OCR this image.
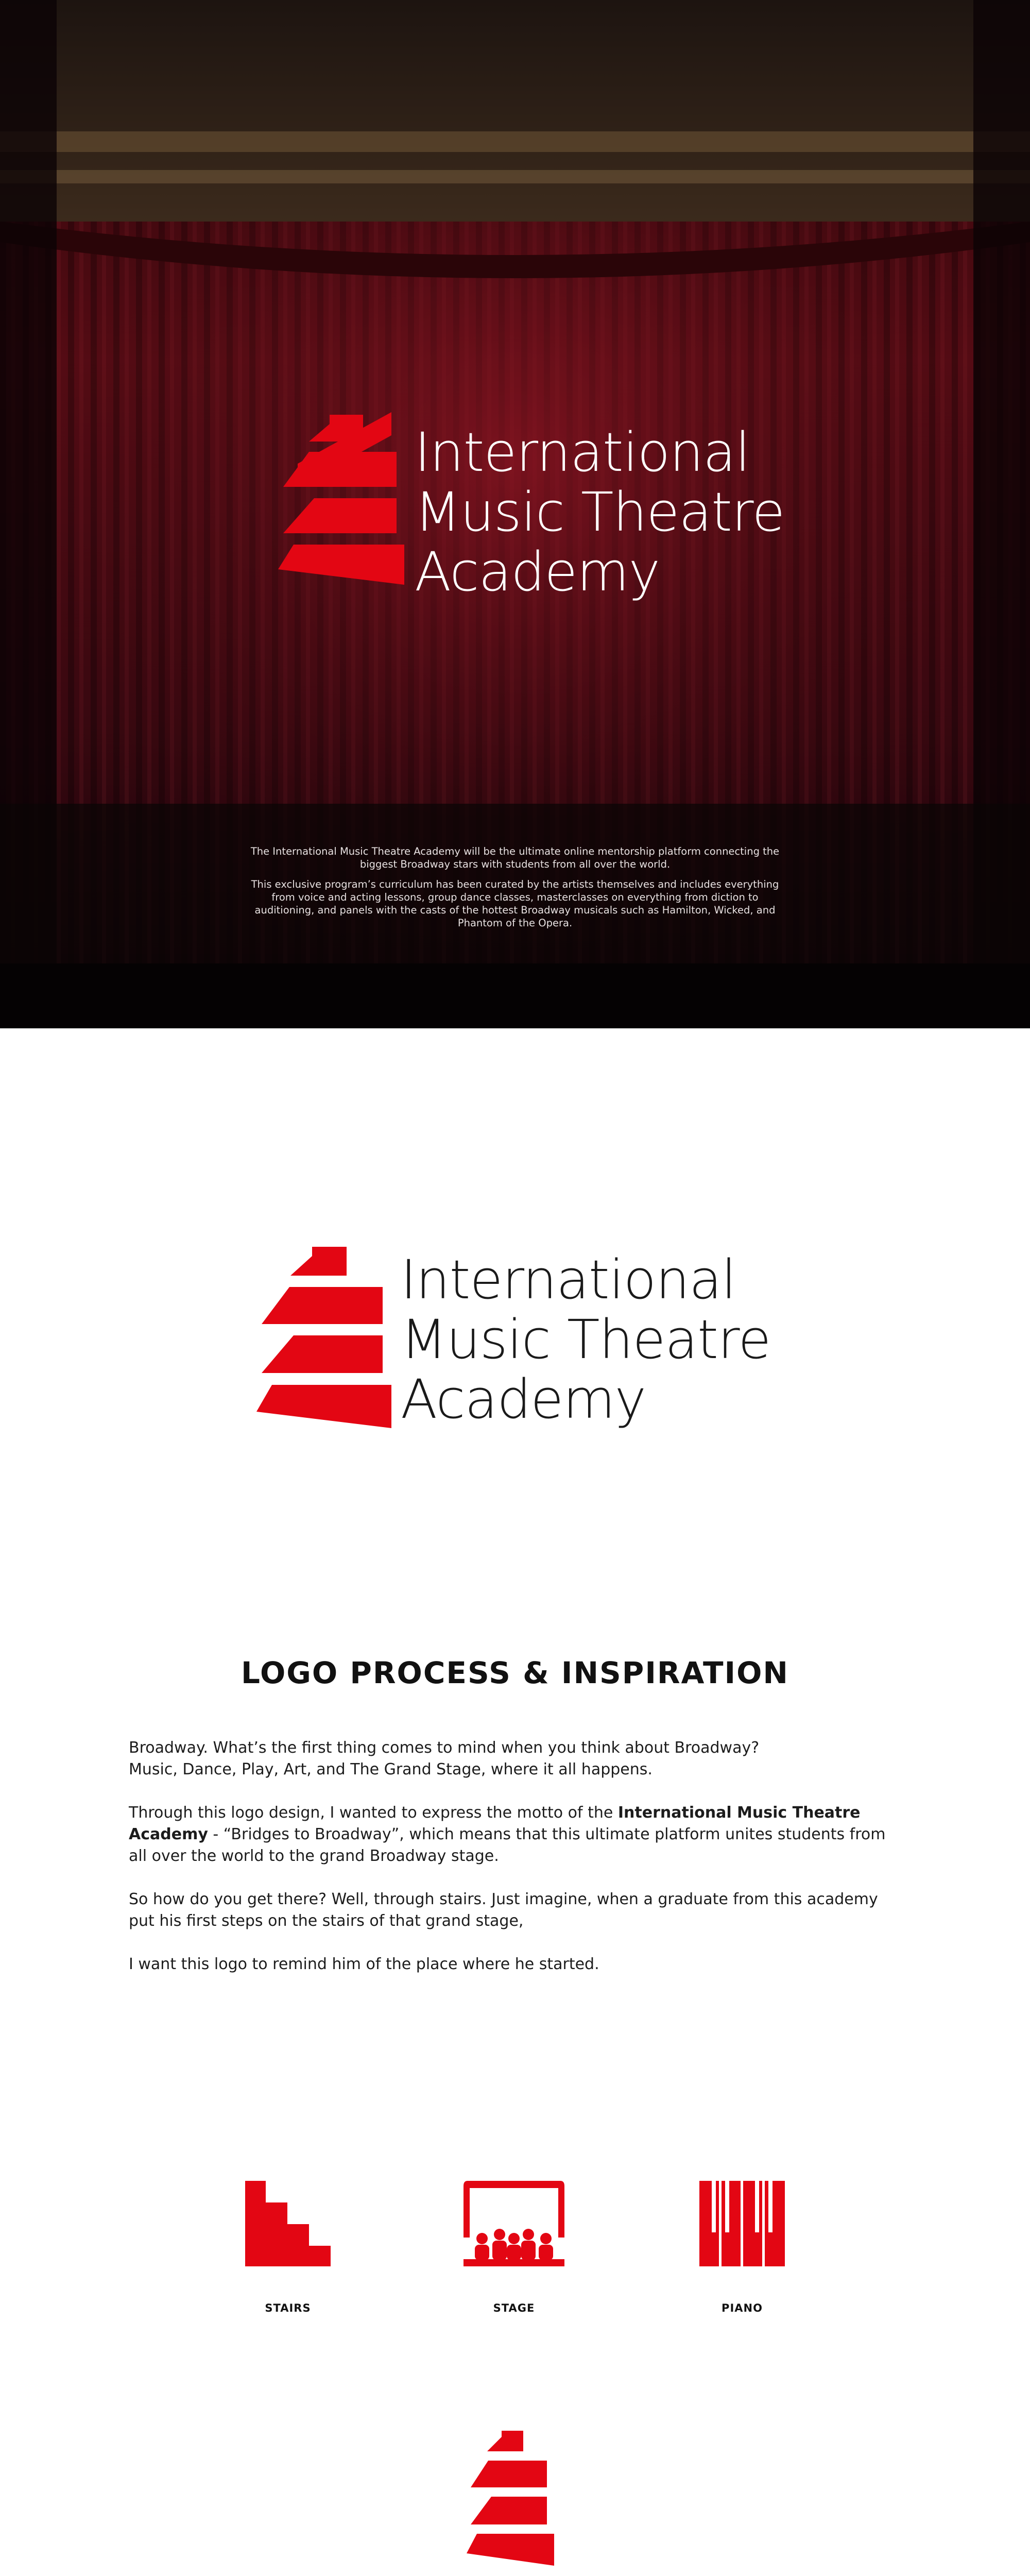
International
Music Theatre
Academy

The International Music Theatre Academy will be the ultimate online mentorship platform connecting the biggest Broadway stars with students from all over the world.

This exclusive program’s curriculum has been curated by the artists themselves and includes everything from voice and acting lessons, group dance classes, masterclasses on everything from diction to auditioning, and panels with the casts of the hottest Broadway musicals such as Hamilton, Wicked, and Phantom of the Opera.

International
Music Theatre
Academy
LOGO PROCESS & INSPIRATION

Broadway. What’s the first thing comes to mind when you think about Broadway?
Music, Dance, Play, Art, and The Grand Stage, where it all happens.

Through this logo design, I wanted to express the motto of the International Music Theatre Academy - “Bridges to Broadway”, which means that this ultimate platform unites students from all over the world to the grand Broadway stage.

So how do you get there? Well, through stairs. Just imagine, when a graduate from this academy put his first steps on the stairs of that grand stage,

I want this logo to remind him of the place where he started.

STAIRS	STAGE	PIANO
